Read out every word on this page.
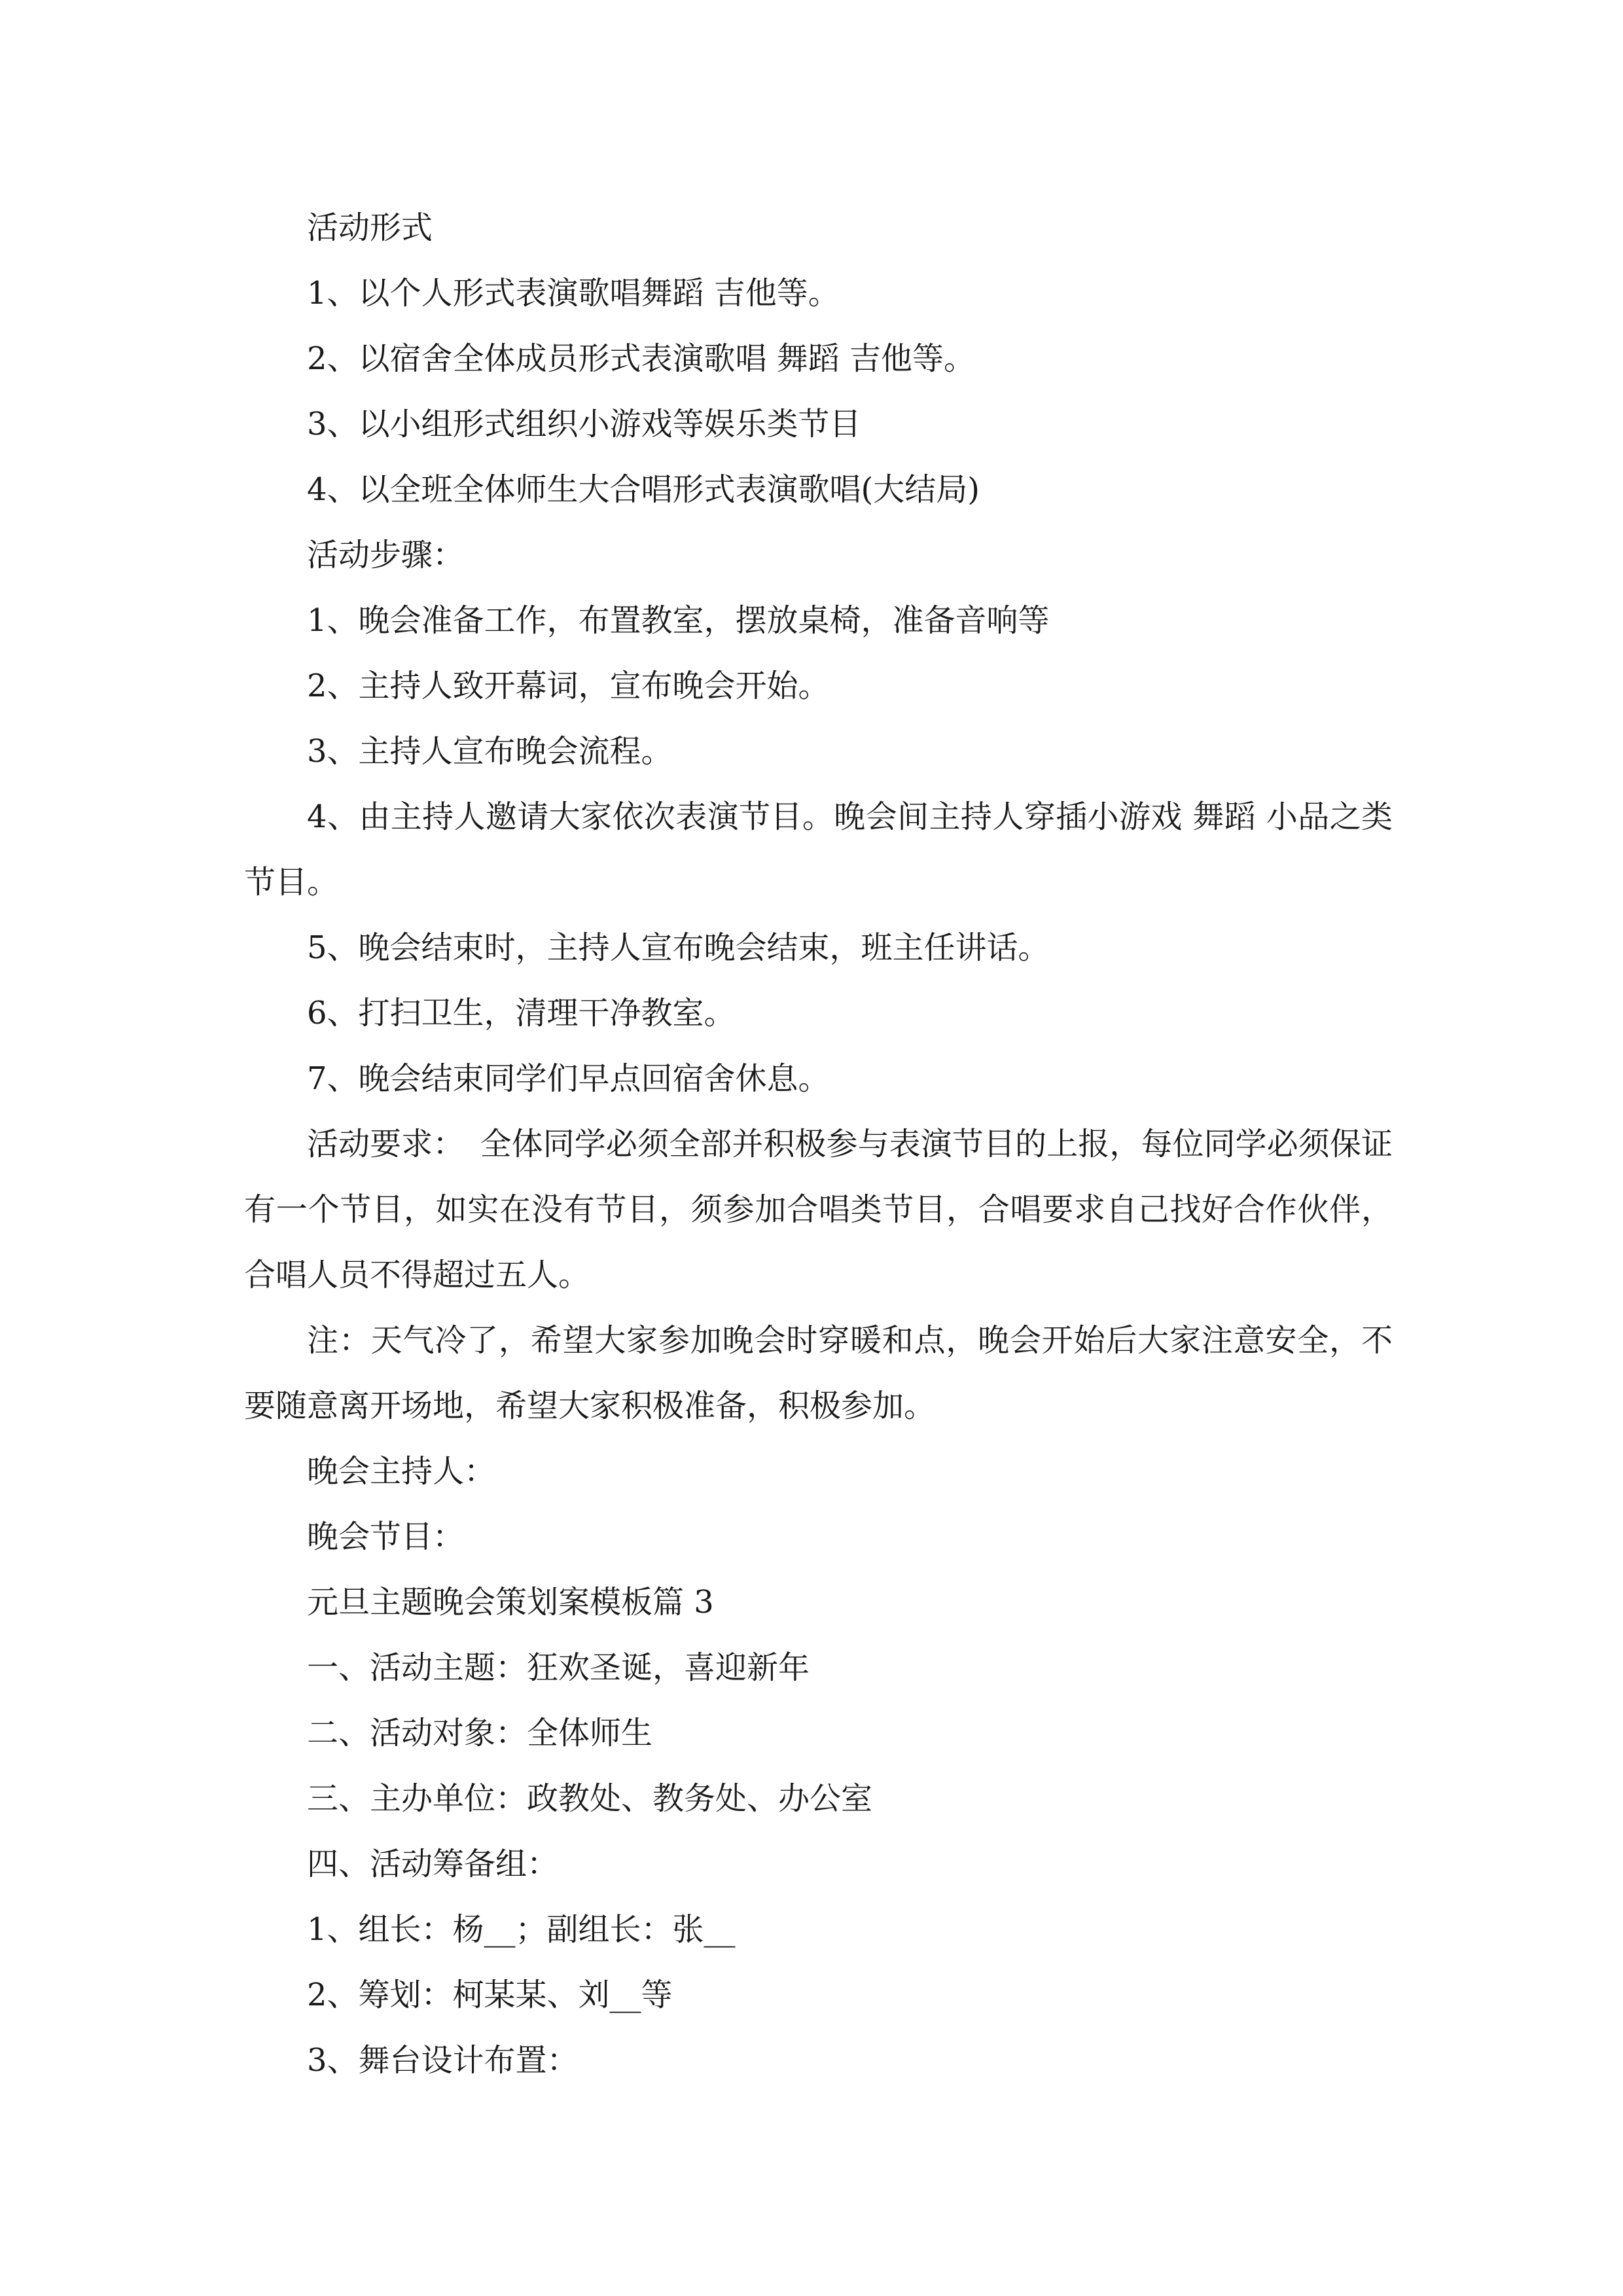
活动形式

1、以个人形式表演歌唱舞蹈 吉他等。

2、以宿舍全体成员形式表演歌唱 舞蹈 吉他等。

3、以小组形式组织小游戏等娱乐类节目

4、以全班全体师生大合唱形式表演歌唱(大结局)

活动步骤：

1、晚会准备工作，布置教室，摆放桌椅，准备音响等

2、主持人致开幕词，宣布晚会开始。

3、主持人宣布晚会流程。

4、由主持人邀请大家依次表演节目。晚会间主持人穿插小游戏 舞蹈 小品之类节目。

5、晚会结束时，主持人宣布晚会结束，班主任讲话。

6、打扫卫生，清理干净教室。

7、晚会结束同学们早点回宿舍休息。

活动要求：　全体同学必须全部并积极参与表演节目的上报，每位同学必须保证有一个节目，如实在没有节目，须参加合唱类节目，合唱要求自己找好合作伙伴，合唱人员不得超过五人。

注：天气冷了，希望大家参加晚会时穿暖和点，晚会开始后大家注意安全，不要随意离开场地，希望大家积极准备，积极参加。

晚会主持人：

晚会节目：

元旦主题晚会策划案模板篇 3

一、活动主题：狂欢圣诞，喜迎新年

二、活动对象：全体师生

三、主办单位：政教处、教务处、办公室

四、活动筹备组：

1、组长：杨__；副组长：张__

2、筹划：柯某某、刘__等

3、舞台设计布置：
